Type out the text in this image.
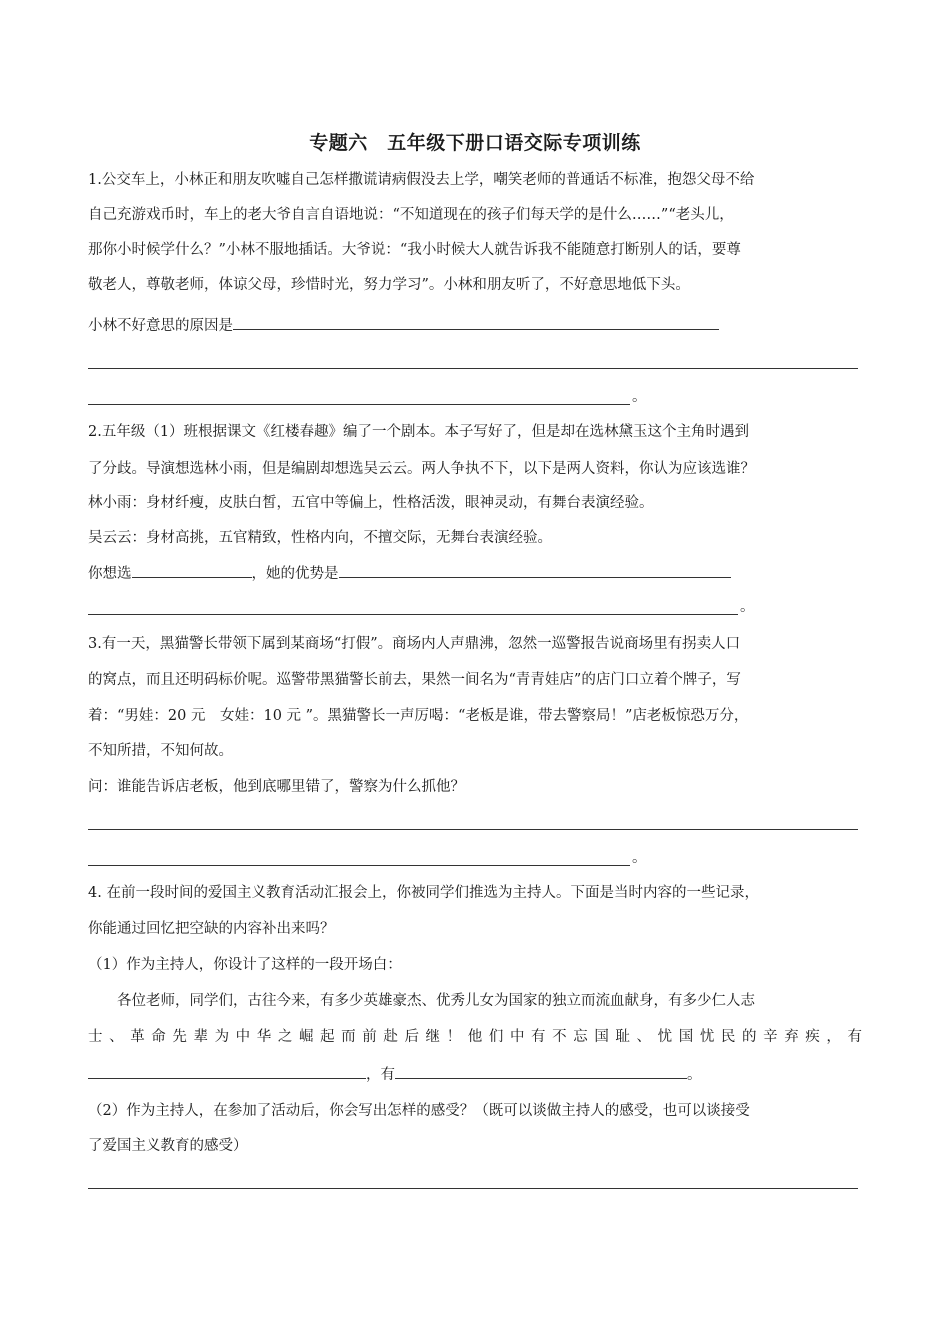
专题六　五年级下册口语交际专项训练
1.公交车上，小林正和朋友吹嘘自己怎样撒谎请病假没去上学，嘲笑老师的普通话不标准，抱怨父母不给
自己充游戏币时，车上的老大爷自言自语地说：“不知道现在的孩子们每天学的是什么……”“老头儿，
那你小时候学什么？”小林不服地插话。大爷说：“我小时候大人就告诉我不能随意打断别人的话，要尊
敬老人，尊敬老师，体谅父母，珍惜时光，努力学习”。小林和朋友听了，不好意思地低下头。
小林不好意思的原因是
。
2.五年级（1）班根据课文《红楼春趣》编了一个剧本。本子写好了，但是却在选林黛玉这个主角时遇到
了分歧。导演想选林小雨，但是编剧却想选吴云云。两人争执不下，以下是两人资料，你认为应该选谁？
林小雨：身材纤瘦，皮肤白皙，五官中等偏上，性格活泼，眼神灵动，有舞台表演经验。
吴云云：身材高挑，五官精致，性格内向，不擅交际，无舞台表演经验。
你想选	，她的优势是
。
3.有一天，黑猫警长带领下属到某商场“打假”。商场内人声鼎沸，忽然一巡警报告说商场里有拐卖人口
的窝点，而且还明码标价呢。巡警带黑猫警长前去，果然一间名为“青青娃店”的店门口立着个牌子，写
着：“男娃：20 元　女娃：10 元 ”。黑猫警长一声厉喝：“老板是谁，带去警察局！”店老板惊恐万分，
不知所措，不知何故。
问：谁能告诉店老板，他到底哪里错了，警察为什么抓他？
。
4. 在前一段时间的爱国主义教育活动汇报会上，你被同学们推选为主持人。下面是当时内容的一些记录，
你能通过回忆把空缺的内容补出来吗？
（1）作为主持人，你设计了这样的一段开场白：
　　各位老师，同学们，古往今来，有多少英雄豪杰、优秀儿女为国家的独立而流血献身，有多少仁人志
士、革命先辈为中华之崛起而前赴后继！他们中有不忘国耻、忧国忧民的辛弃疾，有
，有	。
（2）作为主持人，在参加了活动后，你会写出怎样的感受？（既可以谈做主持人的感受，也可以谈接受
了爱国主义教育的感受）
